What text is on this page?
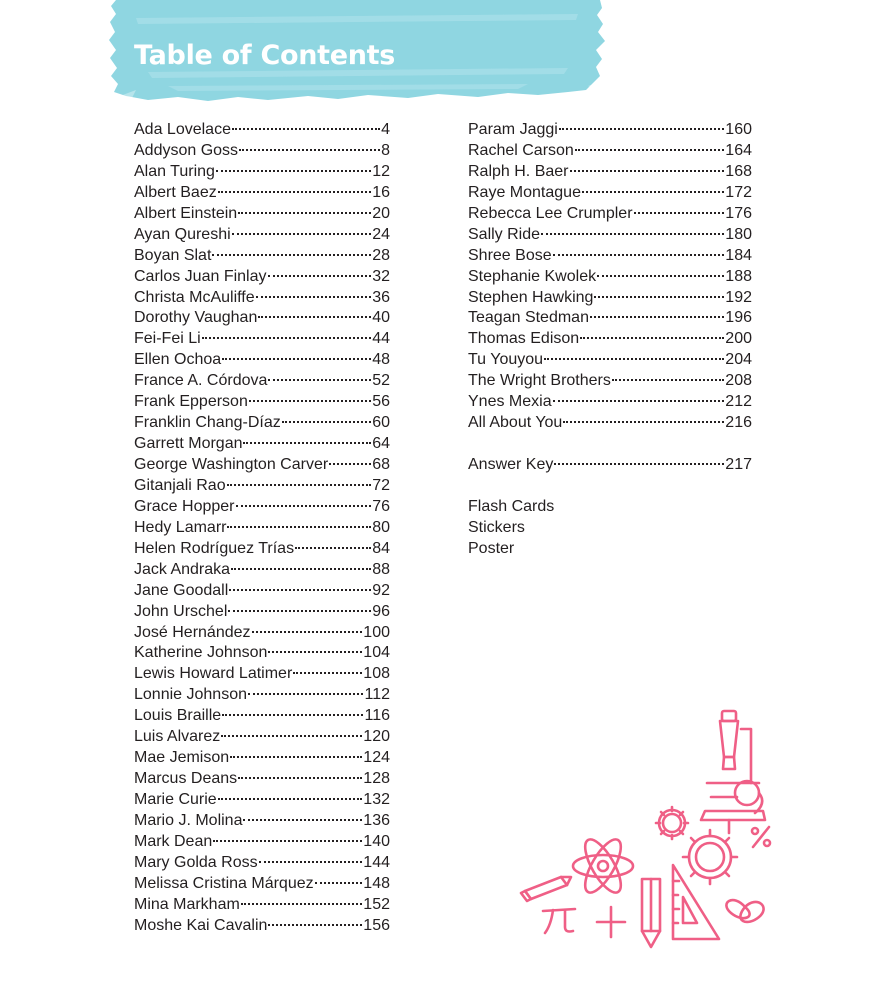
Table of Contents
Ada Lovelace	4
Addyson Goss	8
Alan Turing	12
Albert Baez	16
Albert Einstein	20
Ayan Qureshi	24
Boyan Slat	28
Carlos Juan Finlay	32
Christa McAuliffe	36
Dorothy Vaughan	40
Fei-Fei Li	44
Ellen Ochoa	48
France A. Córdova	52
Frank Epperson	56
Franklin Chang-Díaz	60
Garrett Morgan	64
George Washington Carver	68
Gitanjali Rao	72
Grace Hopper	76
Hedy Lamarr	80
Helen Rodríguez Trías	84
Jack Andraka	88
Jane Goodall	92
John Urschel	96
José Hernández	100
Katherine Johnson	104
Lewis Howard Latimer	108
Lonnie Johnson	112
Louis Braille	116
Luis Alvarez	120
Mae Jemison	124
Marcus Deans	128
Marie Curie	132
Mario J. Molina	136
Mark Dean	140
Mary Golda Ross	144
Melissa Cristina Márquez	148
Mina Markham	152
Moshe Kai Cavalin	156
Param Jaggi	160
Rachel Carson	164
Ralph H. Baer	168
Raye Montague	172
Rebecca Lee Crumpler	176
Sally Ride	180
Shree Bose	184
Stephanie Kwolek	188
Stephen Hawking	192
Teagan Stedman	196
Thomas Edison	200
Tu Youyou	204
The Wright Brothers	208
Ynes Mexia	212
All About You	216
Answer Key	217
Flash Cards
Stickers
Poster
